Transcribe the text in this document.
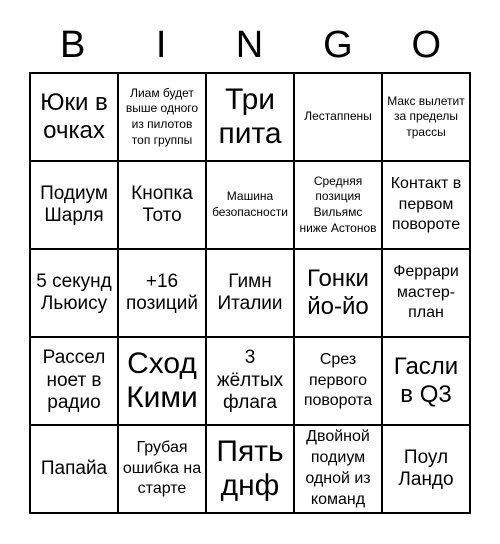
B	I	N	G	O
Юки в очках
Лиам будет выше одного из пилотов топ группы
Три пита
Лестаппены
Макс вылетит за пределы трассы
Подиум Шарля
Кнопка Тото
Машина безопасности
Средняя позиция Вильямс ниже Астонов
Контакт в первом повороте
5 секунд Льюису
+16 позиций
Гимн Италии
Гонки йо-йо
Феррари мастер-план
Рассел ноет в радио
Сход Кими
3 жёлтых флага
Срез первого поворота
Гасли в Q3
Папайа
Грубая ошибка на старте
Пять днф
Двойной подиум одной из команд
Поул Ландо
